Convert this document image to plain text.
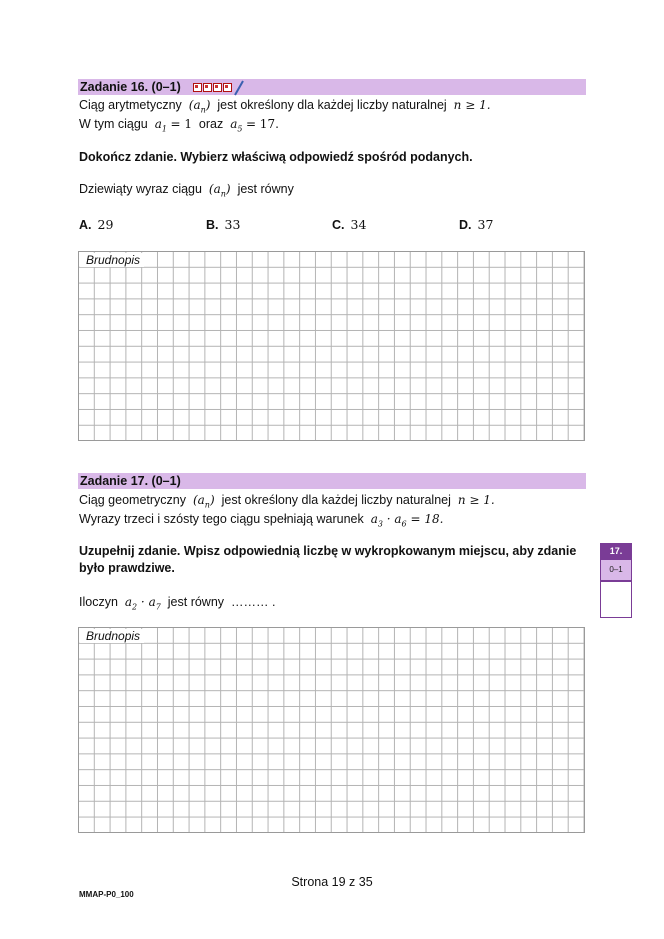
Zadanie 16. (0–1)

Ciąg arytmetyczny $(a_n)$ jest określony dla każdej liczby naturalnej n ≥ 1.
W tym ciągu $a_1 = 1$ oraz $a_5 = 17$.
Dokończ zdanie. Wybierz właściwą odpowiedź spośród podanych.
Dziewiąty wyraz ciągu $(a_n)$ jest równy
A. 29	B. 33	C. 34	D. 37
Brudnopis
Zadanie 17. (0–1)
Ciąg geometryczny $(a_n)$ jest określony dla każdej liczby naturalnej n ≥ 1.
Wyrazy trzeci i szósty tego ciągu spełniają warunek $a_3 \cdot a_6 = 18$.
Uzupełnij zdanie. Wpisz odpowiednią liczbę w wykropkowanym miejscu, aby zdanie
było prawdziwe.
Iloczyn $a_2 \cdot a_7$ jest równy ……… .
Brudnopis
17.
0–1
Strona 19 z 35
MMAP-P0_100
